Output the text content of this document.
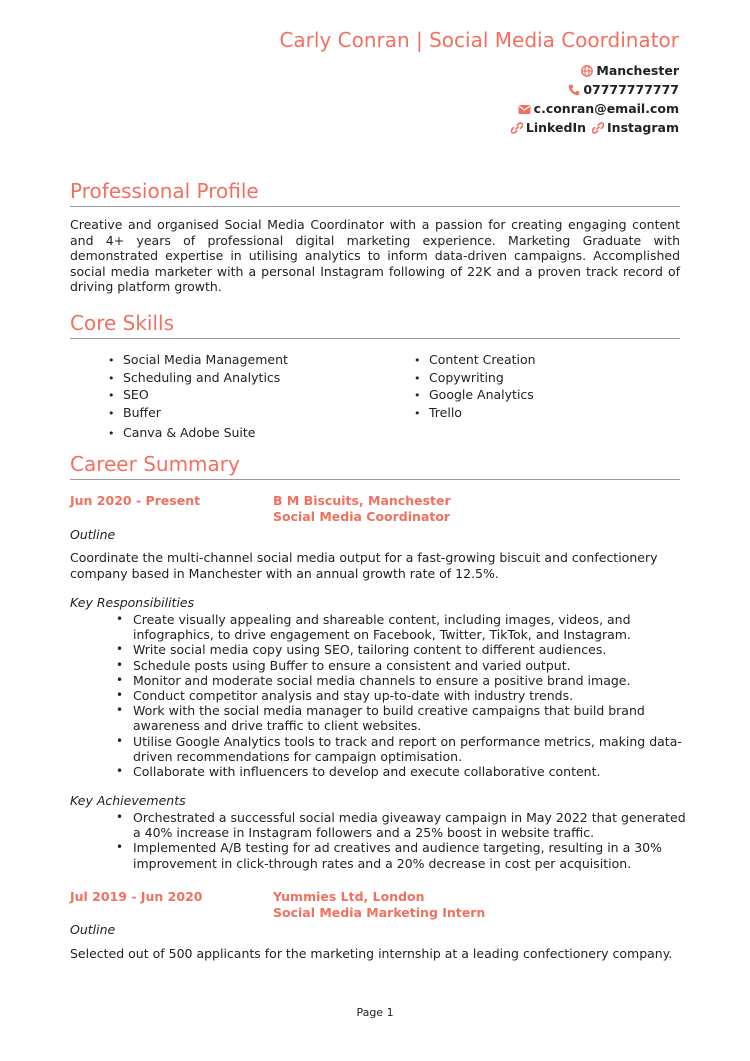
Carly Conran | Social Media Coordinator
Manchester
07777777777
c.conran@email.com
LinkedIn Instagram
Professional Profile
Creative and organised Social Media Coordinator with a passion for creating engaging content and 4+ years of professional digital marketing experience. Marketing Graduate with demonstrated expertise in utilising analytics to inform data-driven campaigns. Accomplished social media marketer with a personal Instagram following of 22K and a proven track record of driving platform growth.
Core Skills
• Social Media Management
• Scheduling and Analytics
• SEO
• Buffer
• Canva & Adobe Suite
• Content Creation
• Copywriting
• Google Analytics
• Trello
Career Summary
Jun 2020 - Present	B M Biscuits, Manchester
Social Media Coordinator
Outline
Coordinate the multi-channel social media output for a fast-growing biscuit and confectionery company based in Manchester with an annual growth rate of 12.5%.
Key Responsibilities
• Create visually appealing and shareable content, including images, videos, and infographics, to drive engagement on Facebook, Twitter, TikTok, and Instagram.
• Write social media copy using SEO, tailoring content to different audiences.
• Schedule posts using Buffer to ensure a consistent and varied output.
• Monitor and moderate social media channels to ensure a positive brand image.
• Conduct competitor analysis and stay up-to-date with industry trends.
• Work with the social media manager to build creative campaigns that build brand awareness and drive traffic to client websites.
• Utilise Google Analytics tools to track and report on performance metrics, making data-driven recommendations for campaign optimisation.
• Collaborate with influencers to develop and execute collaborative content.
Key Achievements
• Orchestrated a successful social media giveaway campaign in May 2022 that generated a 40% increase in Instagram followers and a 25% boost in website traffic.
• Implemented A/B testing for ad creatives and audience targeting, resulting in a 30% improvement in click-through rates and a 20% decrease in cost per acquisition.
Jul 2019 - Jun 2020	Yummies Ltd, London
Social Media Marketing Intern
Outline
Selected out of 500 applicants for the marketing internship at a leading confectionery company.
Page 1
